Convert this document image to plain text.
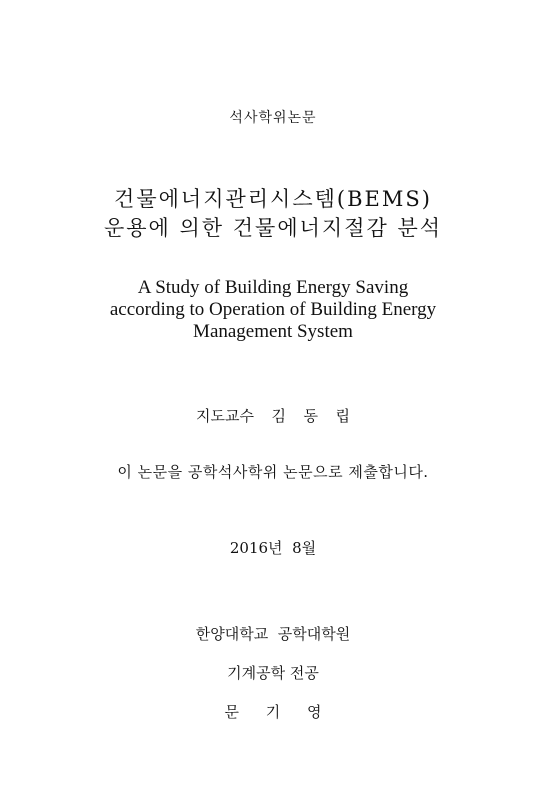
석사학위논문
건물에너지관리시스템(BEMS)
운용에 의한 건물에너지절감 분석
A Study of Building Energy Saving
according to Operation of Building Energy
Management System
지도교수  김  동  립
이 논문을 공학석사학위 논문으로 제출합니다.
2016년  8월
한양대학교  공학대학원
기계공학 전공
문 기 영
